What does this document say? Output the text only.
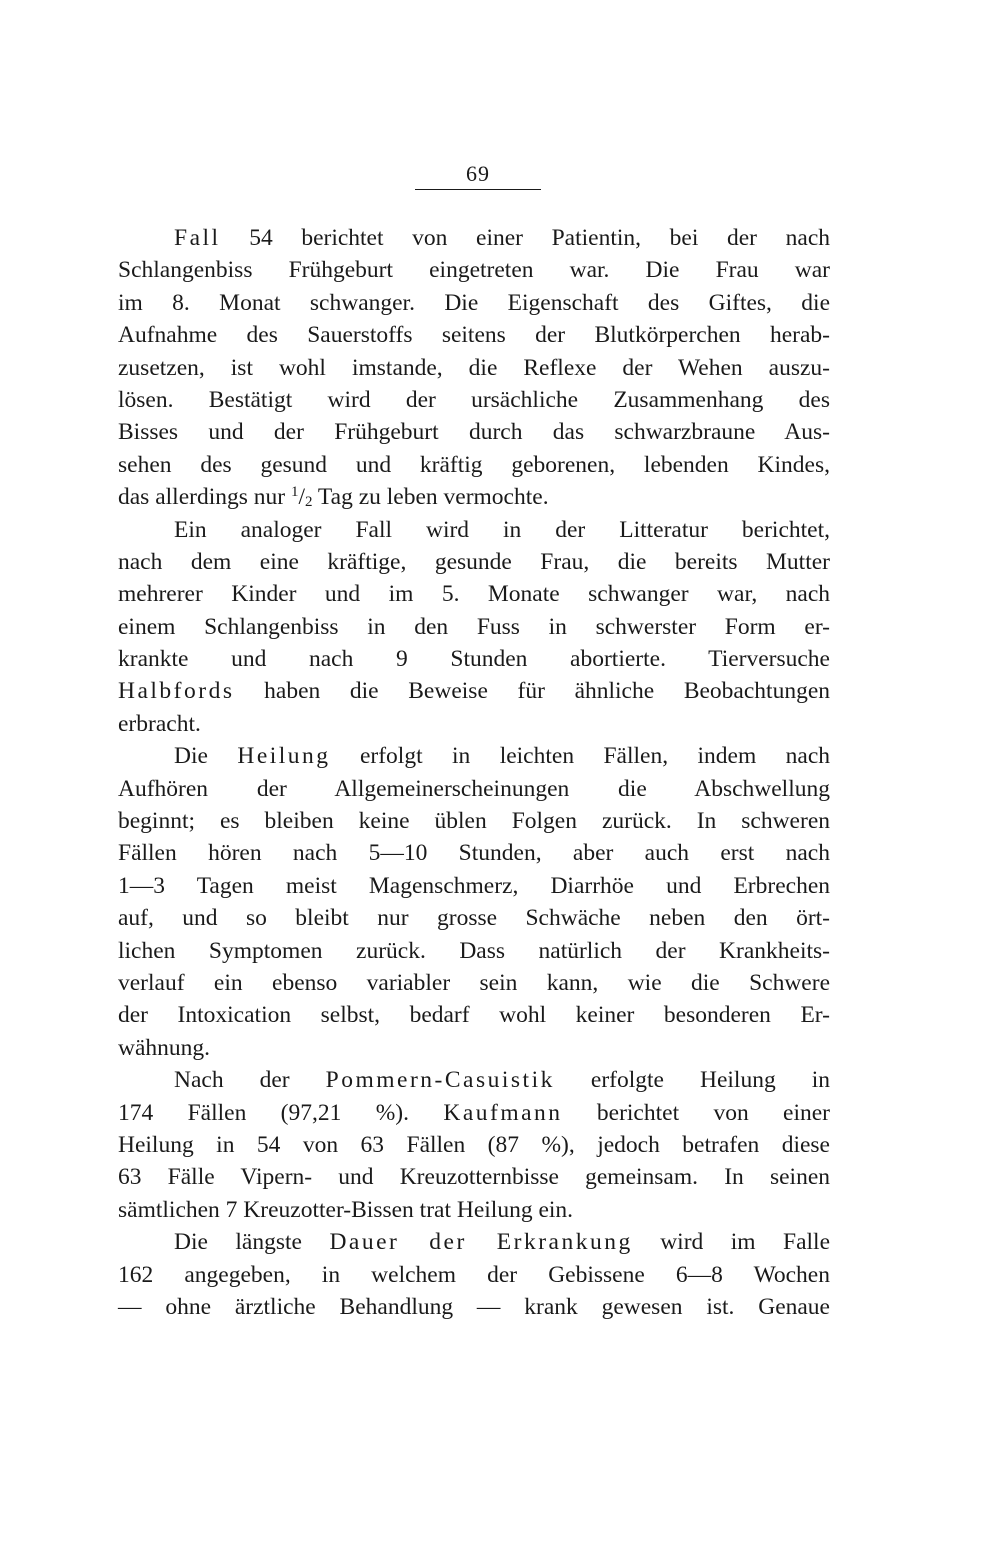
69
Fall 54 berichtet von einer Patientin, bei der nach
Schlangenbiss Frühgeburt eingetreten war. Die Frau war
im 8. Monat schwanger. Die Eigenschaft des Giftes, die
Aufnahme des Sauerstoffs seitens der Blutkörperchen herab-
zusetzen, ist wohl imstande, die Reflexe der Wehen auszu-
lösen. Bestätigt wird der ursächliche Zusammenhang des
Bisses und der Frühgeburt durch das schwarzbraune Aus-
sehen des gesund und kräftig geborenen, lebenden Kindes,
das allerdings nur $^1$/2 Tag zu leben vermochte.
Ein analoger Fall wird in der Litteratur berichtet,
nach dem eine kräftige, gesunde Frau, die bereits Mutter
mehrerer Kinder und im 5. Monate schwanger war, nach
einem Schlangenbiss in den Fuss in schwerster Form er-
krankte und nach 9 Stunden abortierte. Tierversuche
Halbfords haben die Beweise für ähnliche Beobachtungen
erbracht.
Die Heilung erfolgt in leichten Fällen, indem nach
Aufhören der Allgemeinerscheinungen die Abschwellung
beginnt; es bleiben keine üblen Folgen zurück. In schweren
Fällen hören nach 5—10 Stunden, aber auch erst nach
1—3 Tagen meist Magenschmerz, Diarrhöe und Erbrechen
auf, und so bleibt nur grosse Schwäche neben den ört-
lichen Symptomen zurück. Dass natürlich der Krankheits-
verlauf ein ebenso variabler sein kann, wie die Schwere
der Intoxication selbst, bedarf wohl keiner besonderen Er-
wähnung.
Nach der Pommern-Casuistik erfolgte Heilung in
174 Fällen (97,21 %). Kaufmann berichtet von einer
Heilung in 54 von 63 Fällen (87 %), jedoch betrafen diese
63 Fälle Vipern- und Kreuzotternbisse gemeinsam. In seinen
sämtlichen 7 Kreuzotter-Bissen trat Heilung ein.
Die längste Dauer der Erkrankung wird im Falle
162 angegeben, in welchem der Gebissene 6—8 Wochen
— ohne ärztliche Behandlung — krank gewesen ist. Genaue
